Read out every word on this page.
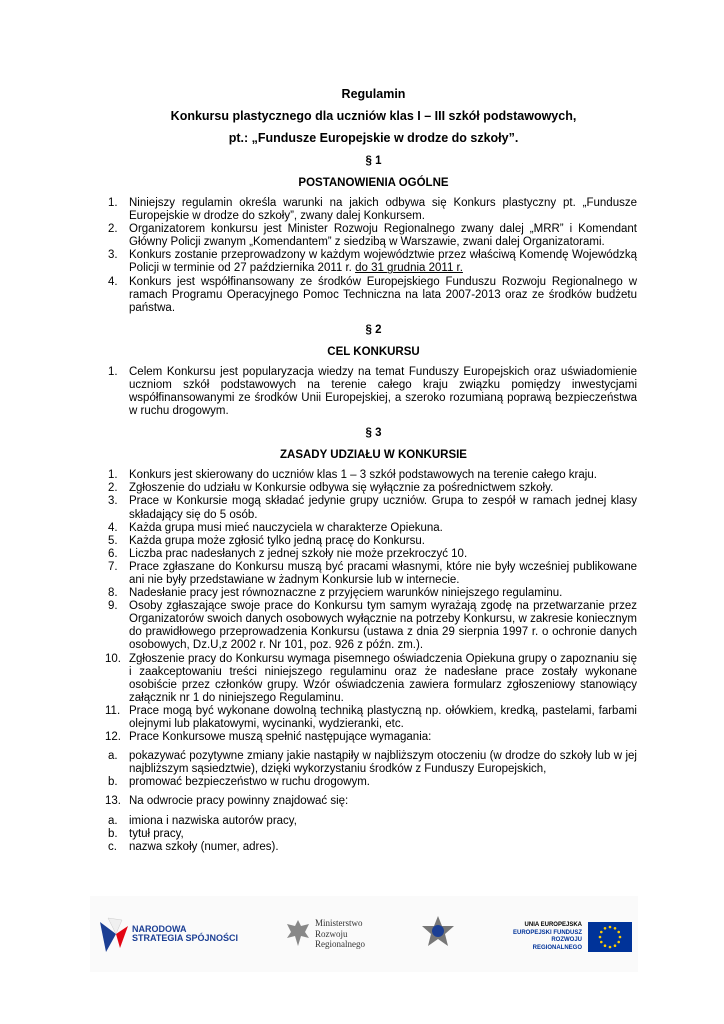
Regulamin
Konkursu plastycznego dla uczniów klas I – III szkół podstawowych,
pt.: „Fundusze Europejskie w drodze do szkoły”.
§ 1
POSTANOWIENIA OGÓLNE
1. Niniejszy regulamin określa warunki na jakich odbywa się Konkurs plastyczny pt. „Fundusze Europejskie w drodze do szkoły”, zwany dalej Konkursem.
2. Organizatorem konkursu jest Minister Rozwoju Regionalnego zwany dalej „MRR” i Komendant Główny Policji zwanym „Komendantem” z siedzibą w Warszawie, zwani dalej Organizatorami.
3. Konkurs zostanie przeprowadzony w każdym województwie przez właściwą Komendę Wojewódzką Policji w terminie od 27 października 2011 r. do 31 grudnia 2011 r.
4. Konkurs jest współfinansowany ze środków Europejskiego Funduszu Rozwoju Regionalnego w ramach Programu Operacyjnego Pomoc Techniczna na lata 2007-2013 oraz ze środków budżetu państwa.
§ 2
CEL KONKURSU
1. Celem Konkursu jest popularyzacja wiedzy na temat Funduszy Europejskich oraz uświadomienie uczniom szkół podstawowych na terenie całego kraju związku pomiędzy inwestycjami współfinansowanymi ze środków Unii Europejskiej, a szeroko rozumianą poprawą bezpieczeństwa w ruchu drogowym.
§ 3
ZASADY UDZIAŁU W KONKURSIE
1. Konkurs jest skierowany do uczniów klas 1 – 3 szkół podstawowych na terenie całego kraju.
2. Zgłoszenie do udziału w Konkursie odbywa się wyłącznie za pośrednictwem szkoły.
3. Prace w Konkursie mogą składać jedynie grupy uczniów. Grupa to zespół w ramach jednej klasy składający się do 5 osób.
4. Każda grupa musi mieć nauczyciela w charakterze Opiekuna.
5. Każda grupa może zgłosić tylko jedną pracę do Konkursu.
6. Liczba prac nadesłanych z jednej szkoły nie może przekroczyć 10.
7. Prace zgłaszane do Konkursu muszą być pracami własnymi, które nie były wcześniej publikowane ani nie były przedstawiane w żadnym Konkursie lub w internecie.
8. Nadesłanie pracy jest równoznaczne z przyjęciem warunków niniejszego regulaminu.
9. Osoby zgłaszające swoje prace do Konkursu tym samym wyrażają zgodę na przetwarzanie przez Organizatorów swoich danych osobowych wyłącznie na potrzeby Konkursu, w zakresie koniecznym do prawidłowego przeprowadzenia Konkursu (ustawa z dnia 29 sierpnia 1997 r. o ochronie danych osobowych, Dz.U,z 2002 r. Nr 101, poz. 926 z późn. zm.).
10. Zgłoszenie pracy do Konkursu wymaga pisemnego oświadczenia Opiekuna grupy o zapoznaniu się i zaakceptowaniu treści niniejszego regulaminu oraz że nadesłane prace zostały wykonane osobiście przez członków grupy. Wzór oświadczenia zawiera formularz zgłoszeniowy stanowiący załącznik nr 1 do niniejszego Regulaminu.
11. Prace mogą być wykonane dowolną techniką plastyczną np. ołówkiem, kredką, pastelami, farbami olejnymi lub plakatowymi, wycinanki, wydzieranki, etc.
12. Prace Konkursowe muszą spełnić następujące wymagania:
a. pokazywać pozytywne zmiany jakie nastąpiły w najbliższym otoczeniu (w drodze do szkoły lub w jej najbliższym sąsiedztwie), dzięki wykorzystaniu środków z Funduszy Europejskich,
b. promować bezpieczeństwo w ruchu drogowym.
13. Na odwrocie pracy powinny znajdować się:
a. imiona i nazwiska autorów pracy,
b. tytuł pracy,
c. nazwa szkoły (numer, adres).
NARODOWA
STRATEGIA SPÓJNOŚCI
Ministerstwo
Rozwoju
Regionalnego
UNIA EUROPEJSKA
EUROPEJSKI FUNDUSZ
ROZWOJU REGIONALNEGO
